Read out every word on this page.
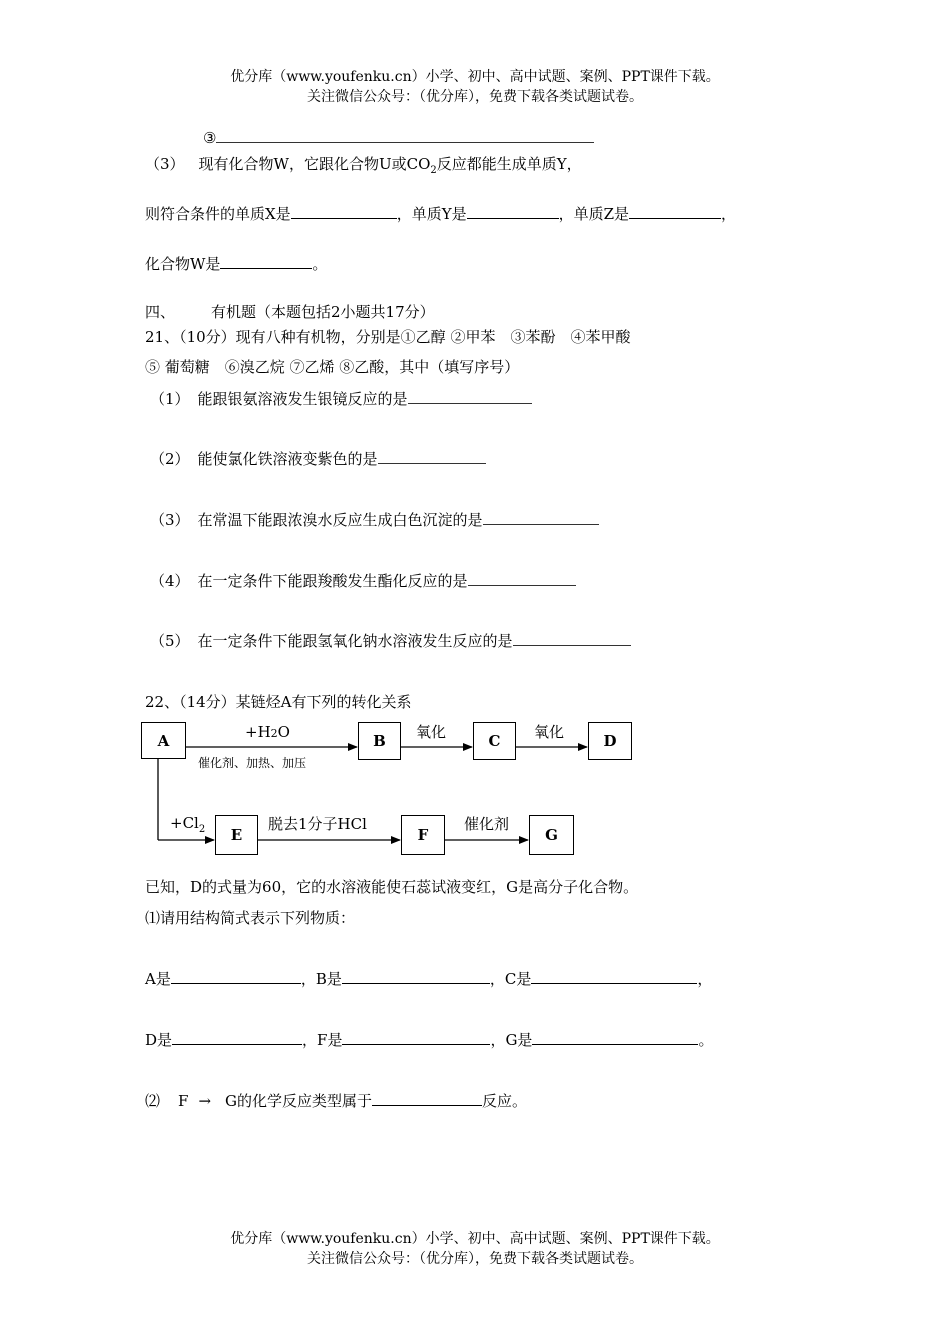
优分库（www.youfenku.cn）小学、初中、高中试题、案例、PPT课件下载。
关注微信公众号：（优分库），免费下载各类试题试卷。
③
（3） 现有化合物W，它跟化合物U或$CO_2$反应都能生成单质Y，
则符合条件的单质X是	，单质Y是	，单质Z是	，
化合物W是	。
四、 有机题（本题包括2小题共17分）
21、（10分）现有八种有机物，分别是①乙醇 ②甲苯　③苯酚　④苯甲酸
⑤ 葡萄糖　⑥溴乙烷 ⑦乙烯 ⑧乙酸，其中（填写序号）
（1） 能跟银氨溶液发生银镜反应的是
（2） 能使氯化铁溶液变紫色的是
（3） 在常温下能跟浓溴水反应生成白色沉淀的是
（4） 在一定条件下能跟羧酸发生酯化反应的是
（5） 在一定条件下能跟氢氧化钠水溶液发生反应的是
22、（14分）某链烃A有下列的转化关系
A	B	C	D
E	F	G
+H2O
催化剂、加热、加压
氧化	氧化
$+Cl_2$	脱去1分子HCl	催化剂
已知，D的式量为60，它的水溶液能使石蕊试液变红，G是高分子化合物。
⑴请用结构简式表示下列物质：
A是	，B是	，C是	，
D是	，F是	，G是	。
⑵ F → G的化学反应类型属于	反应。
优分库（www.youfenku.cn）小学、初中、高中试题、案例、PPT课件下载。
关注微信公众号：（优分库），免费下载各类试题试卷。
